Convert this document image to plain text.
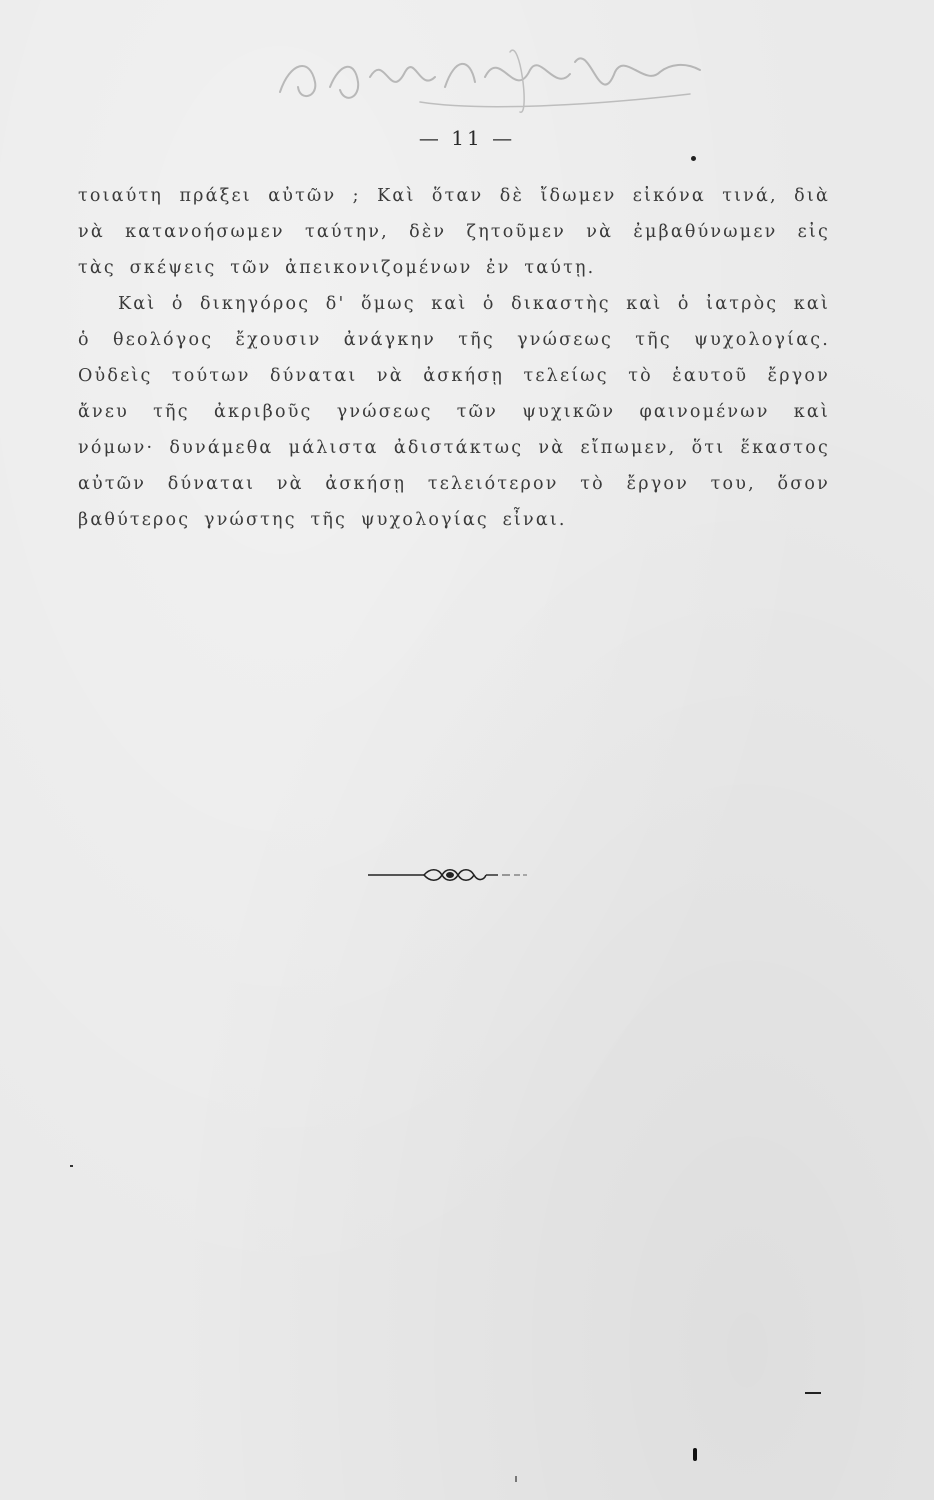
— 11 —

τοιαύτη πράξει αὐτῶν ; Καὶ ὅταν δὲ ἴδωμεν εἰκόνα τινά, διὰ νὰ κατανοήσωμεν ταύτην, δὲν ζητοῦμεν νὰ ἐμβαθύνωμεν εἰς τὰς σκέψεις τῶν ἀπεικονιζομένων ἐν ταύτῃ.

Καὶ ὁ δικηγόρος δ' ὅμως καὶ ὁ δικαστὴς καὶ ὁ ἰατρὸς καὶ ὁ θεολόγος ἔχουσιν ἀνάγκην τῆς γνώσεως τῆς ψυχολογίας. Οὐδεὶς τούτων δύναται νὰ ἀσκήσῃ τελείως τὸ ἑαυτοῦ ἔργον ἄνευ τῆς ἀκριβοῦς γνώσεως τῶν ψυχικῶν φαινομένων καὶ νόμων· δυνάμεθα μάλιστα ἀδιστάκτως νὰ εἴπωμεν, ὅτι ἕκαστος αὐτῶν δύναται νὰ ἀσκήσῃ τελειότερον τὸ ἔργον του, ὅσον βαθύτερος γνώστης τῆς ψυχολογίας εἶναι.
